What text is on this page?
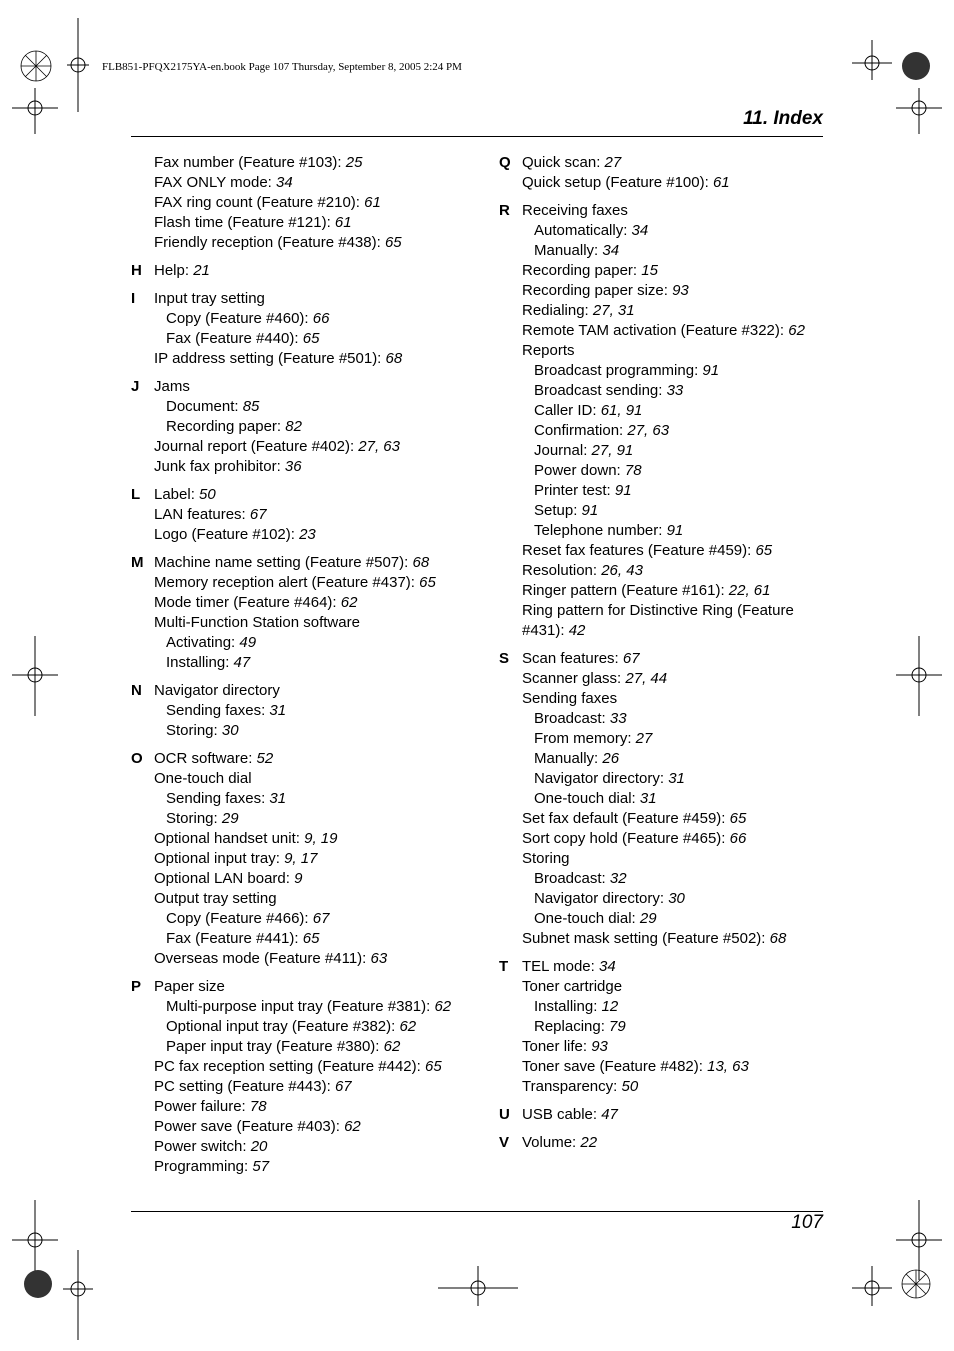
FLB851-PFQX2175YA-en.book Page 107 Thursday, September 8, 2005 2:24 PM
11. Index
Fax number (Feature #103): 25
FAX ONLY mode: 34
FAX ring count (Feature #210): 61
Flash time (Feature #121): 61
Friendly reception (Feature #438): 65
H Help: 21
I	Input tray setting
Copy (Feature #460): 66
Fax (Feature #440): 65
IP address setting (Feature #501): 68
J Jams
Document: 85
Recording paper: 82
Journal report (Feature #402): 27, 63
Junk fax prohibitor: 36
L Label: 50
LAN features: 67
Logo (Feature #102): 23
M Machine name setting (Feature #507): 68
Memory reception alert (Feature #437): 65
Mode timer (Feature #464): 62
Multi-Function Station software
Activating: 49
Installing: 47
N Navigator directory
Sending faxes: 31
Storing: 30
O OCR software: 52
One-touch dial
Sending faxes: 31
Storing: 29
Optional handset unit: 9, 19
Optional input tray: 9, 17
Optional LAN board: 9
Output tray setting
Copy (Feature #466): 67
Fax (Feature #441): 65
Overseas mode (Feature #411): 63
P Paper size
Multi-purpose input tray (Feature #381): 62
Optional input tray (Feature #382): 62
Paper input tray (Feature #380): 62
PC fax reception setting (Feature #442): 65
PC setting (Feature #443): 67
Power failure: 78
Power save (Feature #403): 62
Power switch: 20
Programming: 57
Q Quick scan: 27
Quick setup (Feature #100): 61
R Receiving faxes
Automatically: 34
Manually: 34
Recording paper: 15
Recording paper size: 93
Redialing: 27, 31
Remote TAM activation (Feature #322): 62
Reports
Broadcast programming: 91
Broadcast sending: 33
Caller ID: 61, 91
Confirmation: 27, 63
Journal: 27, 91
Power down: 78
Printer test: 91
Setup: 91
Telephone number: 91
Reset fax features (Feature #459): 65
Resolution: 26, 43
Ringer pattern (Feature #161): 22, 61
Ring pattern for Distinctive Ring (Feature
#431): 42
S Scan features: 67
Scanner glass: 27, 44
Sending faxes
Broadcast: 33
From memory: 27
Manually: 26
Navigator directory: 31
One-touch dial: 31
Set fax default (Feature #459): 65
Sort copy hold (Feature #465): 66
Storing
Broadcast: 32
Navigator directory: 30
One-touch dial: 29
Subnet mask setting (Feature #502): 68
T TEL mode: 34
Toner cartridge
Installing: 12
Replacing: 79
Toner life: 93
Toner save (Feature #482): 13, 63
Transparency: 50
U USB cable: 47
V Volume: 22
107
